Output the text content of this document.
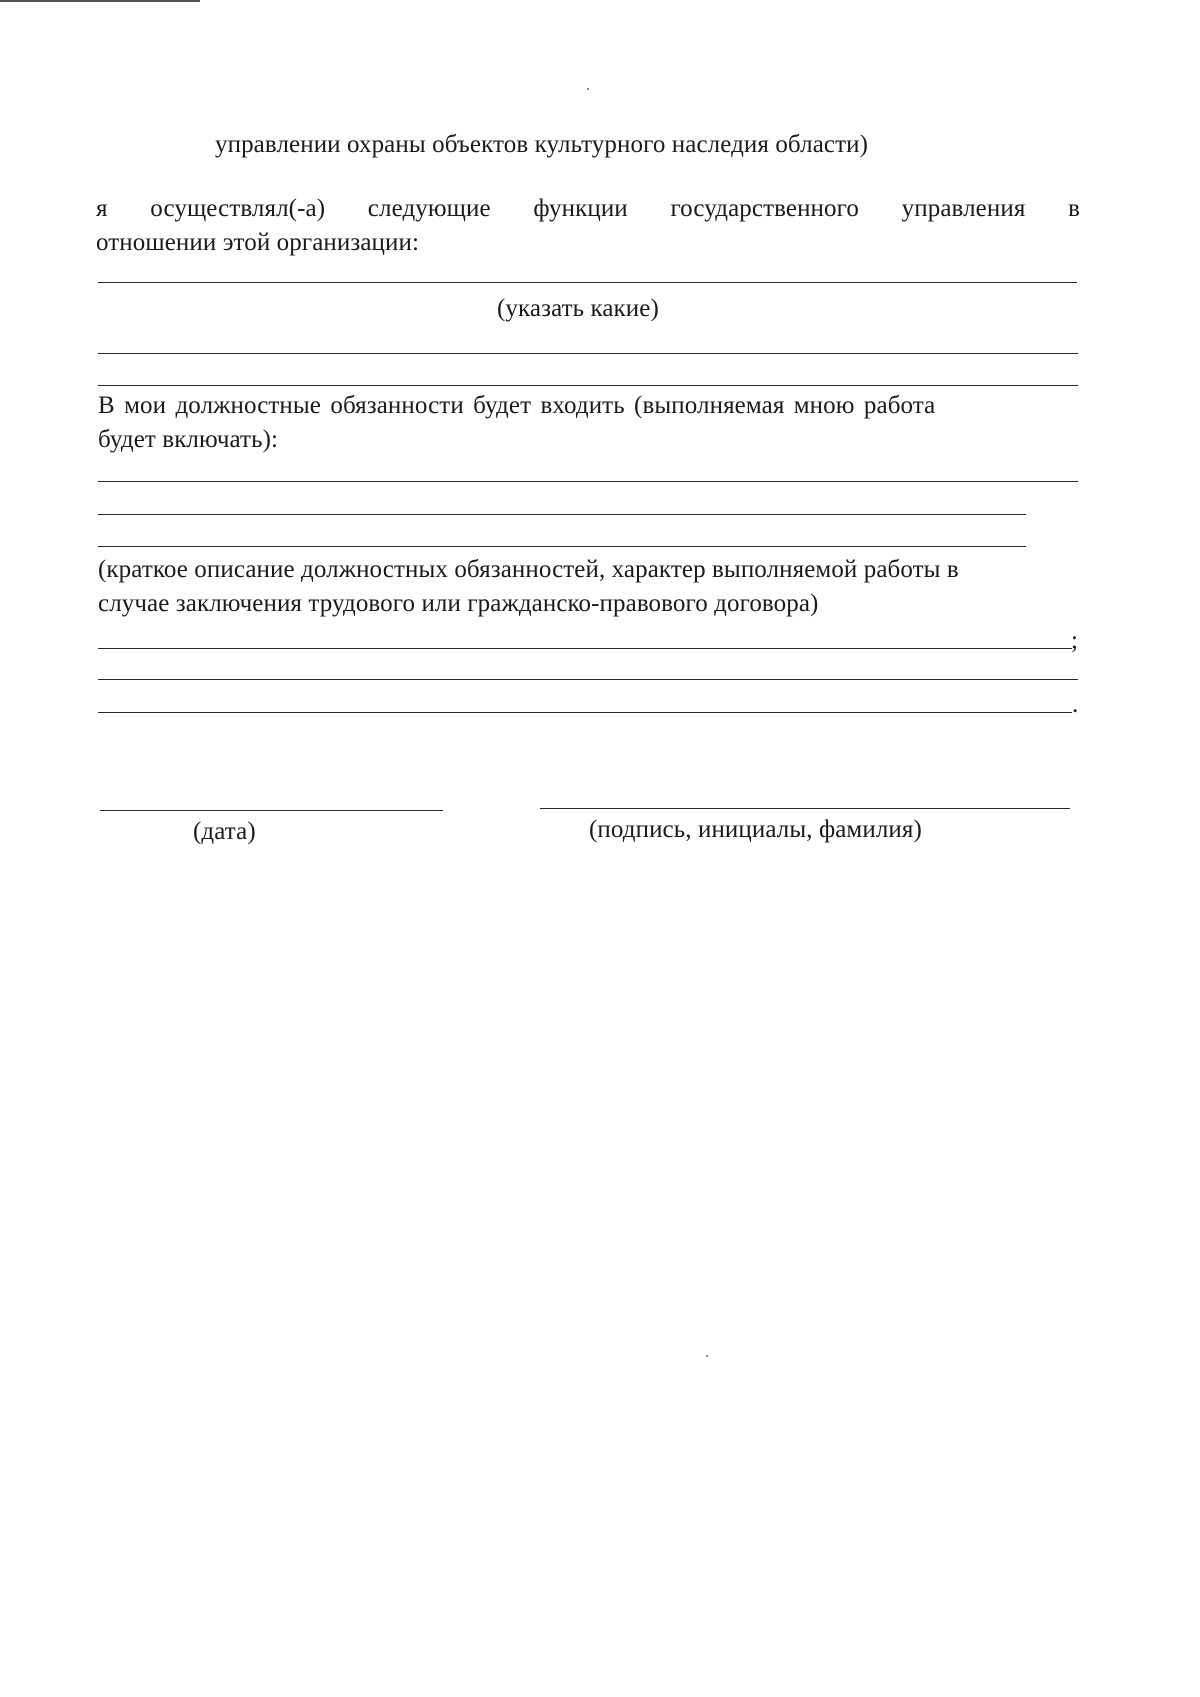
управлении охраны объектов культурного наследия области)
я осуществлял(-а) следующие функции государственного управления в
отношении этой организации:
(указать какие)
В мои должностные обязанности будет входить (выполняемая мною работа
будет включать):
(краткое описание должностных обязанностей, характер выполняемой работы в
случае заключения трудового или гражданско-правового договора)
;
.
(дата)	(подпись, инициалы, фамилия)
